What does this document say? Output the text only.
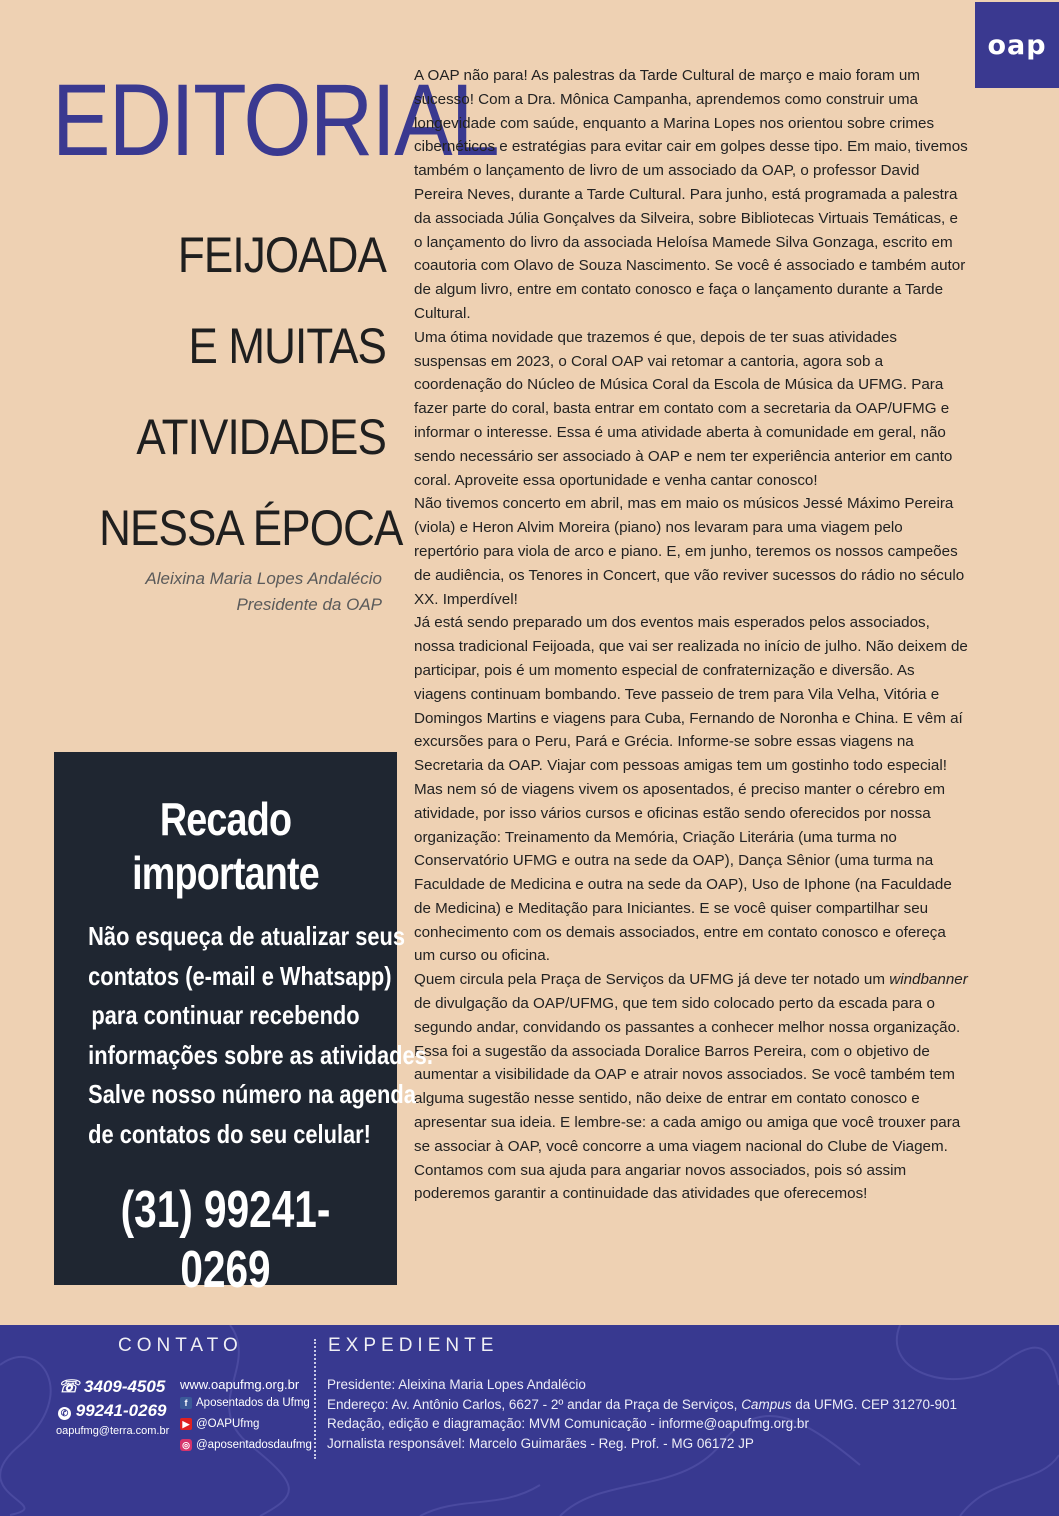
oap
EDITORIAL
FEIJOADA
E MUITAS
ATIVIDADES
NESSA ÉPOCA
Aleixina Maria Lopes Andalécio
Presidente da OAP

A OAP não para! As palestras da Tarde Cultural de março e maio foram um sucesso! Com a Dra. Mônica Campanha, aprendemos como construir uma longevidade com saúde, enquanto a Marina Lopes nos orientou sobre crimes cibernéticos e estratégias para evitar cair em golpes desse tipo. Em maio, tivemos também o lançamento de livro de um associado da OAP, o professor David Pereira Neves, durante a Tarde Cultural. Para junho, está programada a palestra da associada Júlia Gonçalves da Silveira, sobre Bibliotecas Virtuais Temáticas, e o lançamento do livro da associada Heloísa Mamede Silva Gonzaga, escrito em coautoria com Olavo de Souza Nascimento. Se você é associado e também autor de algum livro, entre em contato conosco e faça o lançamento durante a Tarde Cultural.

Uma ótima novidade que trazemos é que, depois de ter suas atividades suspensas em 2023, o Coral OAP vai retomar a cantoria, agora sob a coordenação do Núcleo de Música Coral da Escola de Música da UFMG. Para fazer parte do coral, basta entrar em contato com a secretaria da OAP/UFMG e informar o interesse. Essa é uma atividade aberta à comunidade em geral, não sendo necessário ser associado à OAP e nem ter experiência anterior em canto coral. Aproveite essa oportunidade e venha cantar conosco!

Não tivemos concerto em abril, mas em maio os músicos Jessé Máximo Pereira (viola) e Heron Alvim Moreira (piano) nos levaram para uma viagem pelo repertório para viola de arco e piano. E, em junho, teremos os nossos campeões de audiência, os Tenores in Concert, que vão reviver sucessos do rádio no século XX. Imperdível!

Já está sendo preparado um dos eventos mais esperados pelos associados, nossa tradicional Feijoada, que vai ser realizada no início de julho. Não deixem de participar, pois é um momento especial de confraternização e diversão. As viagens continuam bombando. Teve passeio de trem para Vila Velha, Vitória e Domingos Martins e viagens para Cuba, Fernando de Noronha e China. E vêm aí excursões para o Peru, Pará e Grécia. Informe-se sobre essas viagens na Secretaria da OAP. Viajar com pessoas amigas tem um gostinho todo especial! Mas nem só de viagens vivem os aposentados, é preciso manter o cérebro em atividade, por isso vários cursos e oficinas estão sendo oferecidos por nossa organização: Treinamento da Memória, Criação Literária (uma turma no Conservatório UFMG e outra na sede da OAP), Dança Sênior (uma turma na Faculdade de Medicina e outra na sede da OAP), Uso de Iphone (na Faculdade de Medicina) e Meditação para Iniciantes. E se você quiser compartilhar seu conhecimento com os demais associados, entre em contato conosco e ofereça um curso ou oficina.

Quem circula pela Praça de Serviços da UFMG já deve ter notado um windbanner de divulgação da OAP/UFMG, que tem sido colocado perto da escada para o segundo andar, convidando os passantes a conhecer melhor nossa organização. Essa foi a sugestão da associada Doralice Barros Pereira, com o objetivo de aumentar a visibilidade da OAP e atrair novos associados. Se você também tem alguma sugestão nesse sentido, não deixe de entrar em contato conosco e apresentar sua ideia. E lembre-se: a cada amigo ou amiga que você trouxer para se associar à OAP, você concorre a uma viagem nacional do Clube de Viagem. Contamos com sua ajuda para angariar novos associados, pois só assim poderemos garantir a continuidade das atividades que oferecemos!

Recado importante
Não esqueça de atualizar seus
contatos (e-mail e Whatsapp)
para continuar recebendo
informações sobre as atividades.
Salve nosso número na agenda
de contatos do seu celular!
(31) 99241-0269
CONTATO	EXPEDIENTE
☏ 3409-4505
✆ 99241-0269
oapufmg@terra.com.br
www.oapufmg.org.br
f Aposentados da Ufmg
▶ @OAPUfmg
◎ @aposentadosdaufmg
Presidente: Aleixina Maria Lopes Andalécio
Endereço: Av. Antônio Carlos, 6627 - 2º andar da Praça de Serviços, Campus da UFMG. CEP 31270-901
Redação, edição e diagramação: MVM Comunicação - informe@oapufmg.org.br
Jornalista responsável: Marcelo Guimarães - Reg. Prof. - MG 06172 JP
